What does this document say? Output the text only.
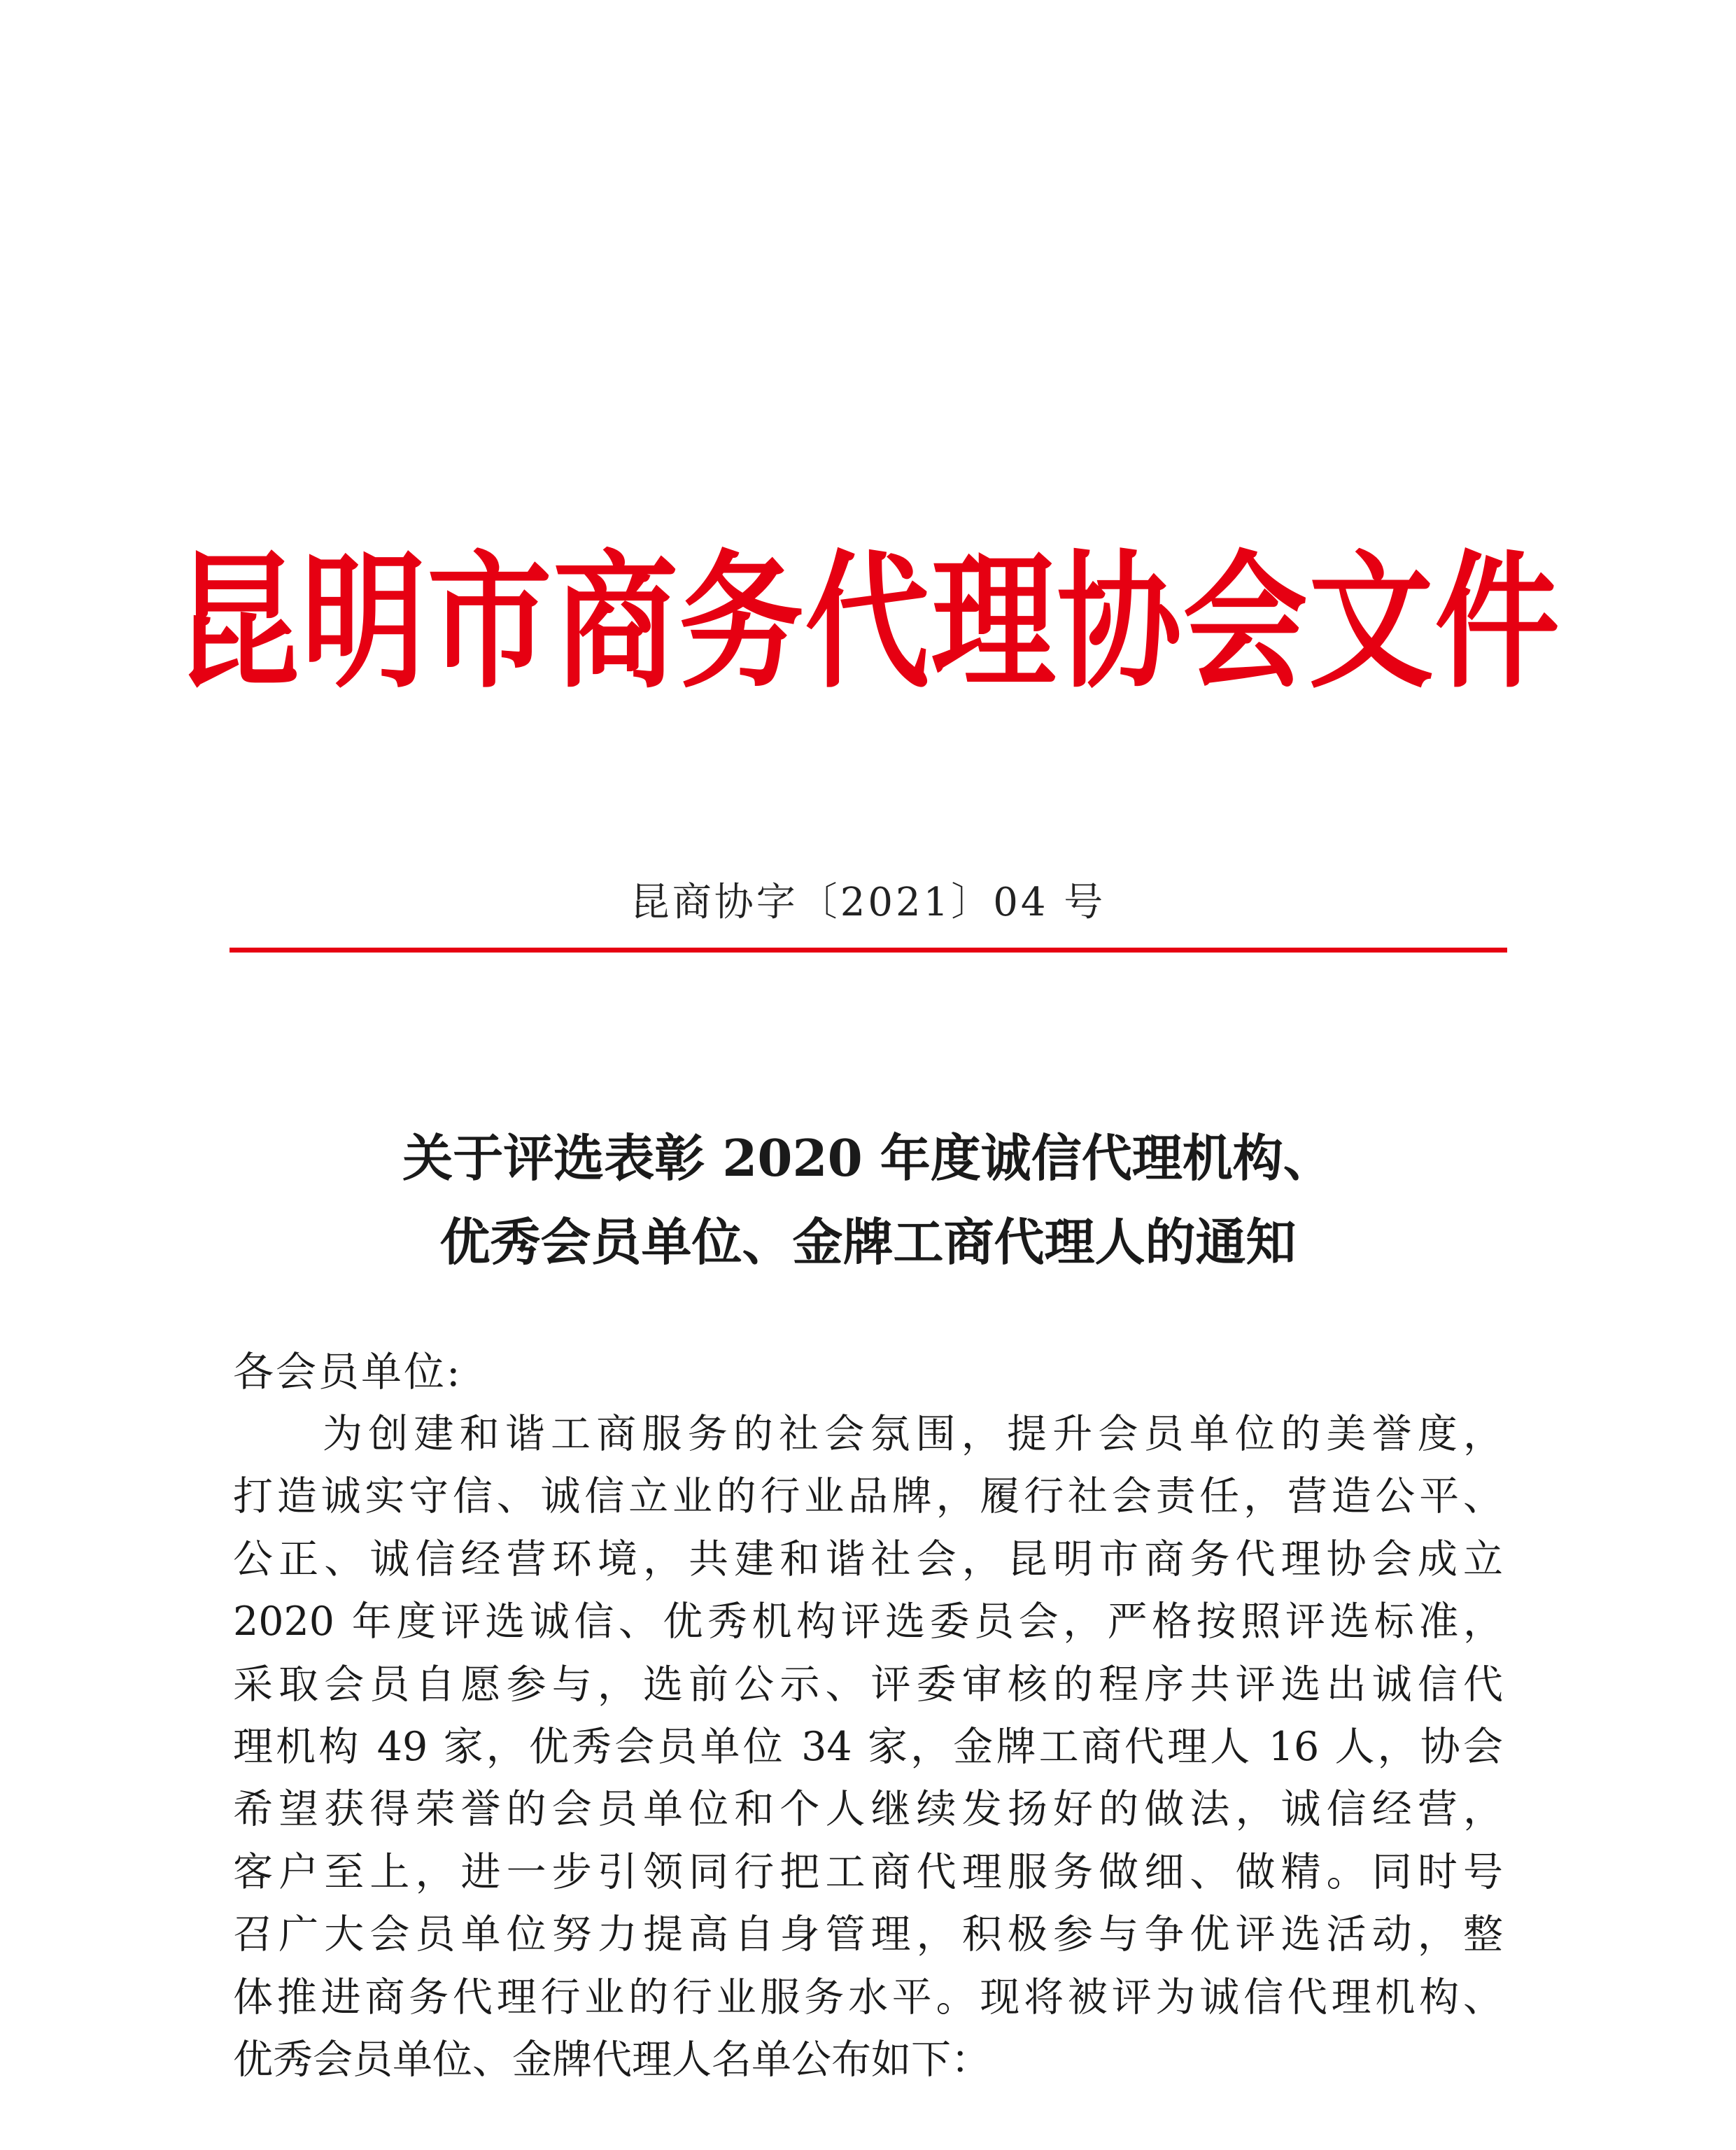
昆明市商务代理协会文件
昆商协字〔2021〕04 号
关于评选表彰 2020 年度诚信代理机构、
优秀会员单位、金牌工商代理人的通知
各会员单位:
为创建和谐工商服务的社会氛围，提升会员单位的美誉度，
打造诚实守信、诚信立业的行业品牌，履行社会责任，营造公平、
公正、诚信经营环境，共建和谐社会，昆明市商务代理协会成立
2020 年度评选诚信、优秀机构评选委员会，严格按照评选标准，
采取会员自愿参与，选前公示、评委审核的程序共评选出诚信代
理机构 49 家，优秀会员单位 34 家，金牌工商代理人 16 人，协会
希望获得荣誉的会员单位和个人继续发扬好的做法，诚信经营，
客户至上，进一步引领同行把工商代理服务做细、做精。同时号
召广大会员单位努力提高自身管理，积极参与争优评选活动，整
体推进商务代理行业的行业服务水平。现将被评为诚信代理机构、
优秀会员单位、金牌代理人名单公布如下：
